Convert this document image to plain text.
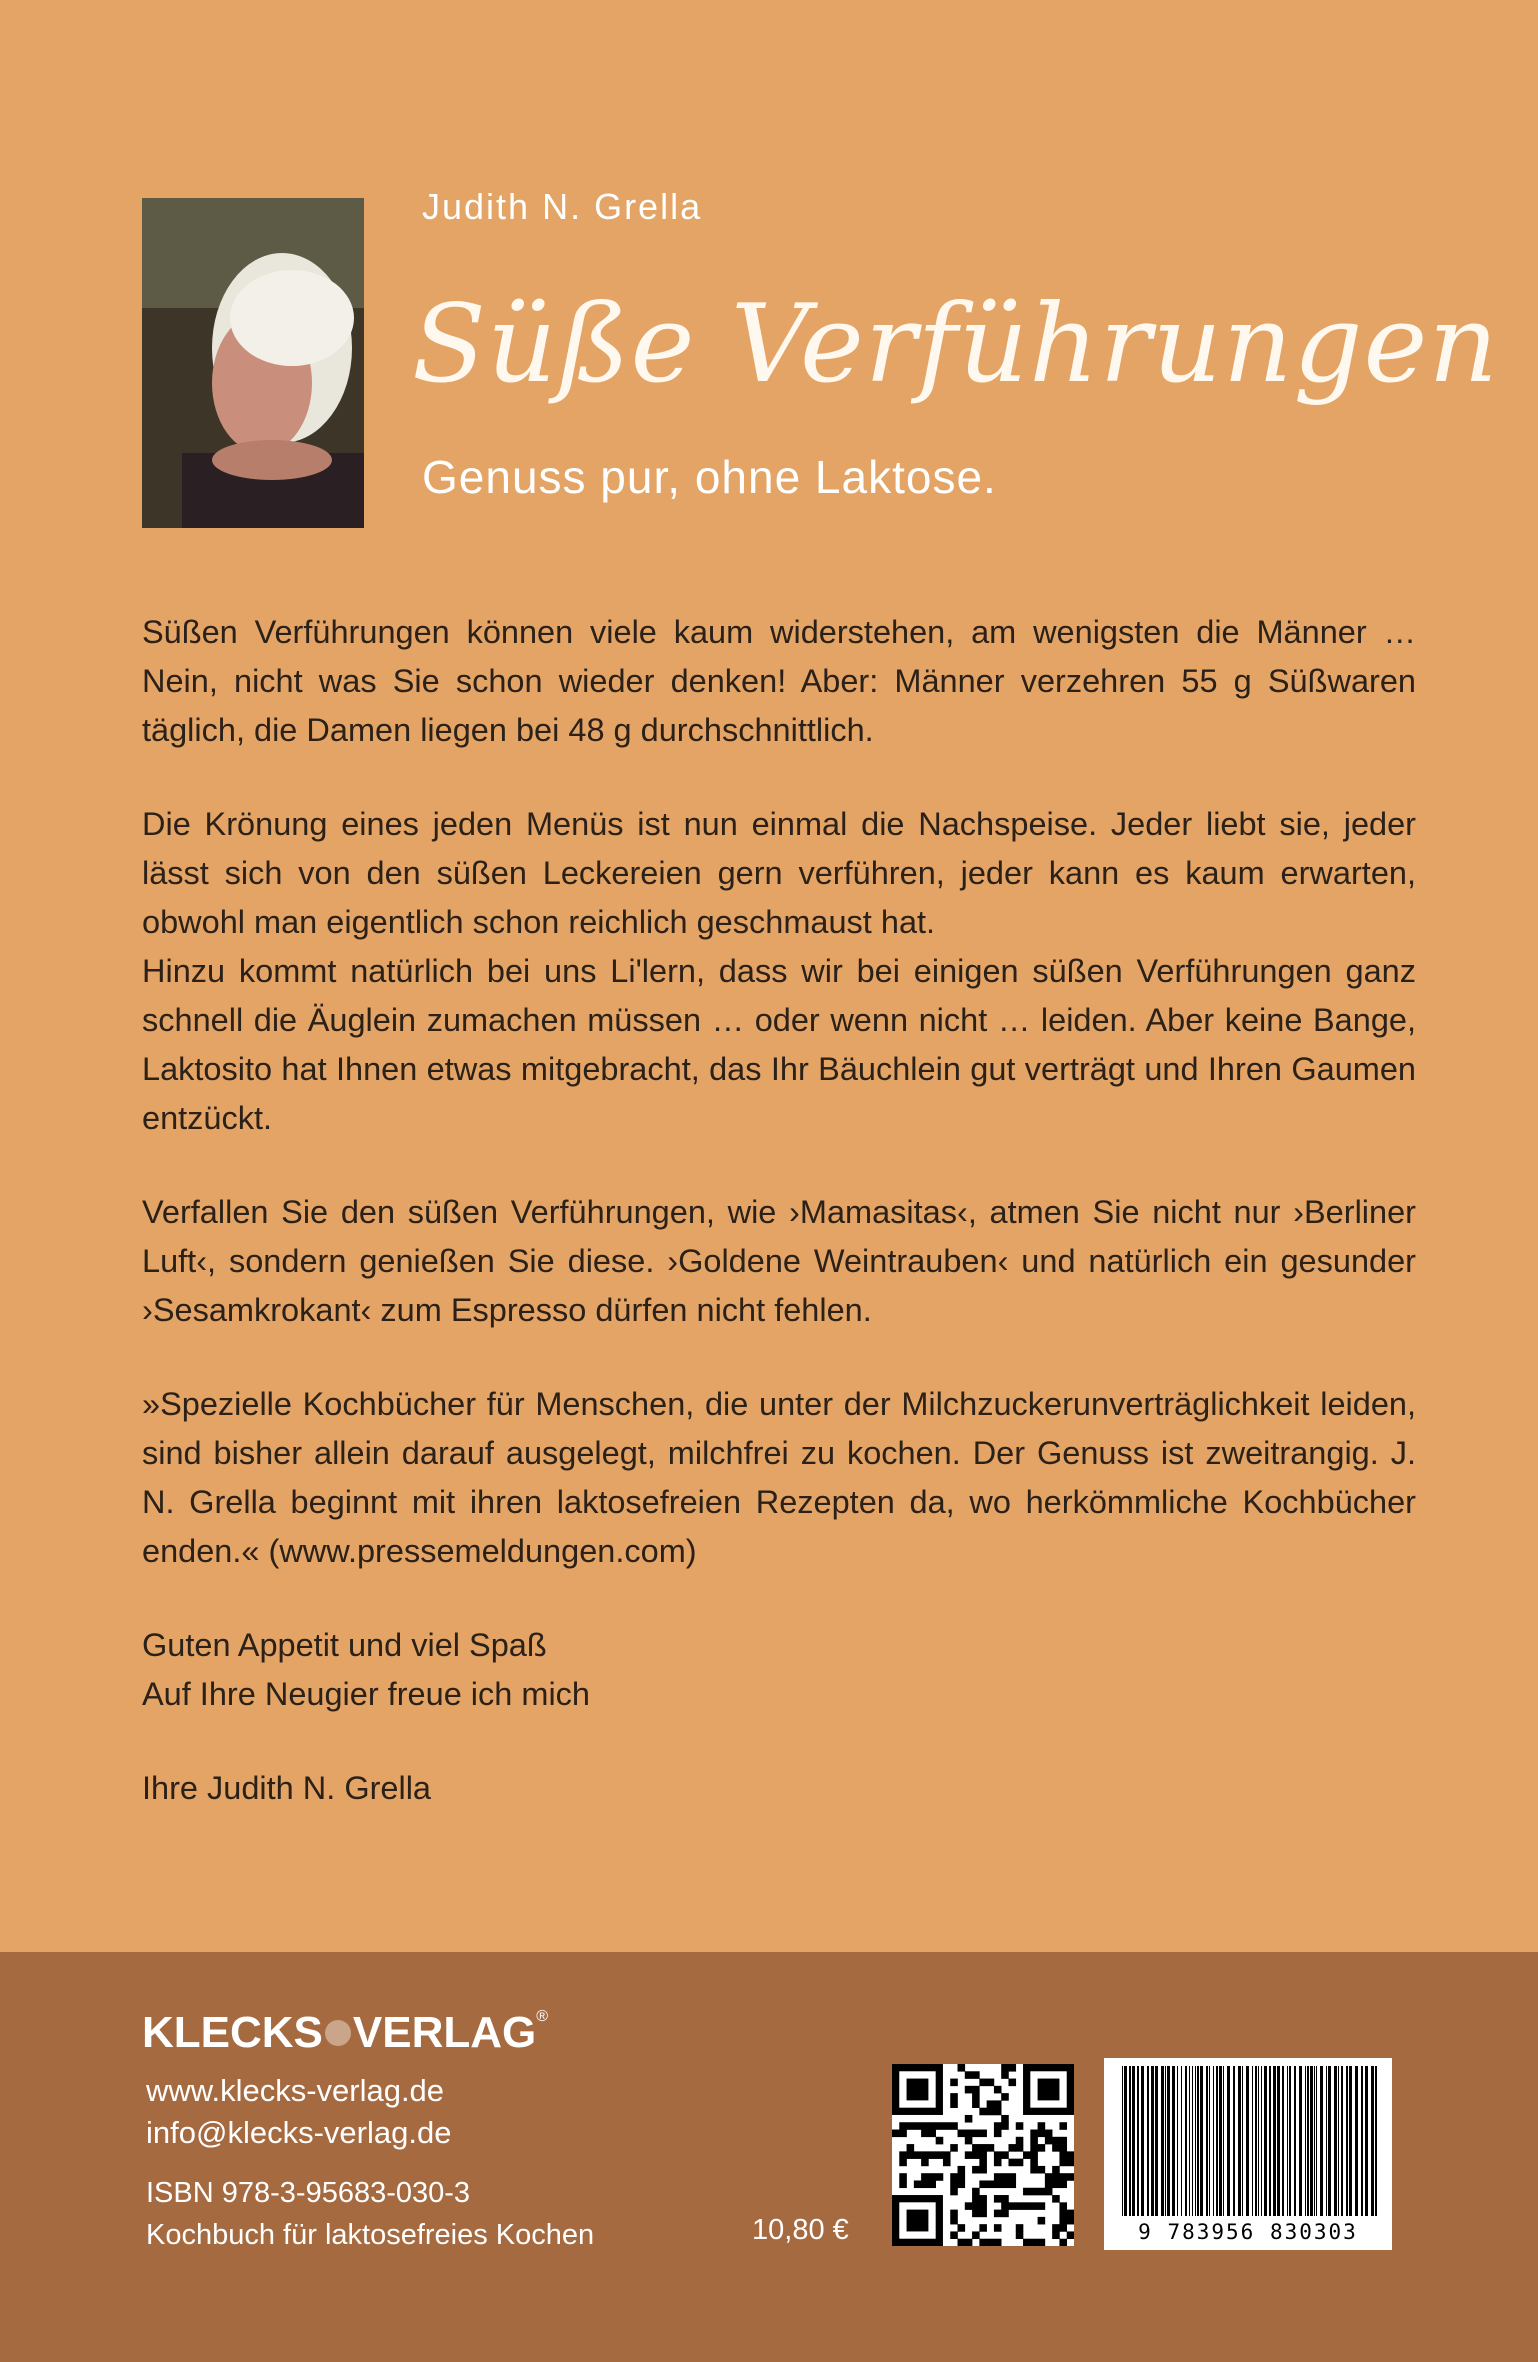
Judith N. Grella
Süße Verführungen
Genuss pur, ohne Laktose.

Süßen Verführungen können viele kaum widerstehen, am wenigsten die Männer … Nein, nicht was Sie schon wieder denken! Aber: Männer verzehren 55 g Süßwaren täglich, die Damen liegen bei 48 g durchschnittlich.

Die Krönung eines jeden Menüs ist nun einmal die Nachspeise. Jeder liebt sie, jeder lässt sich von den süßen Leckereien gern verführen, jeder kann es kaum erwarten, obwohl man eigentlich schon reichlich geschmaust hat.

Hinzu kommt natürlich bei uns Li'lern, dass wir bei einigen süßen Verführungen ganz schnell die Äuglein zumachen müssen … oder wenn nicht … leiden. Aber keine Bange, Laktosito hat Ihnen etwas mitgebracht, das Ihr Bäuchlein gut verträgt und Ihren Gaumen entzückt.

Verfallen Sie den süßen Verführungen, wie ›Mamasitas‹, atmen Sie nicht nur ›Berliner Luft‹, sondern genießen Sie diese. ›Goldene Weintrauben‹ und natürlich ein gesunder ›Sesamkrokant‹ zum Espresso dürfen nicht fehlen.

»Spezielle Kochbücher für Menschen, die unter der Milchzuckerunverträglichkeit leiden, sind bisher allein darauf ausgelegt, milchfrei zu kochen. Der Genuss ist zweitrangig. J. N. Grella beginnt mit ihren laktosefreien Rezepten da, wo herkömmliche Kochbücher enden.« (www.pressemeldungen.com)

Guten Appetit und viel Spaß
Auf Ihre Neugier freue ich mich

Ihre Judith N. Grella

KLECKS VERLAG®
www.klecks-verlag.de
info@klecks-verlag.de
ISBN 978-3-95683-030-3
Kochbuch für laktosefreies Kochen	10,80 €	9 783956 830303
